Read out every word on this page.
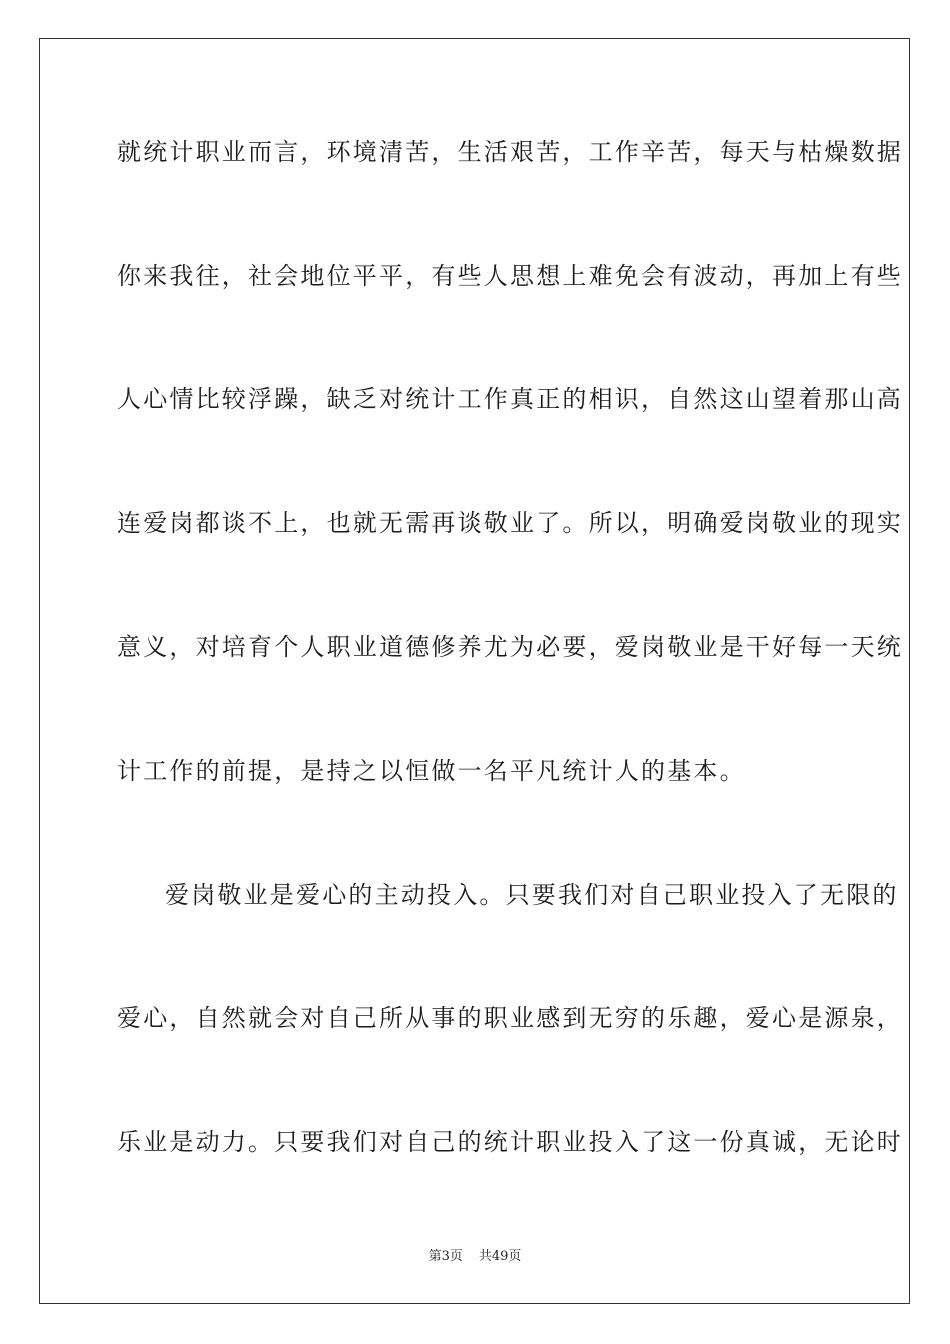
就统计职业而言，环境清苦，生活艰苦，工作辛苦，每天与枯燥数据
你来我往，社会地位平平，有些人思想上难免会有波动，再加上有些
人心情比较浮躁，缺乏对统计工作真正的相识，自然这山望着那山高
连爱岗都谈不上，也就无需再谈敬业了。所以，明确爱岗敬业的现实
意义，对培育个人职业道德修养尤为必要，爱岗敬业是干好每一天统
计工作的前提，是持之以恒做一名平凡统计人的基本。
爱岗敬业是爱心的主动投入。只要我们对自己职业投入了无限的
爱心，自然就会对自己所从事的职业感到无穷的乐趣，爱心是源泉，
乐业是动力。只要我们对自己的统计职业投入了这一份真诚，无论时
第3页 共49页
